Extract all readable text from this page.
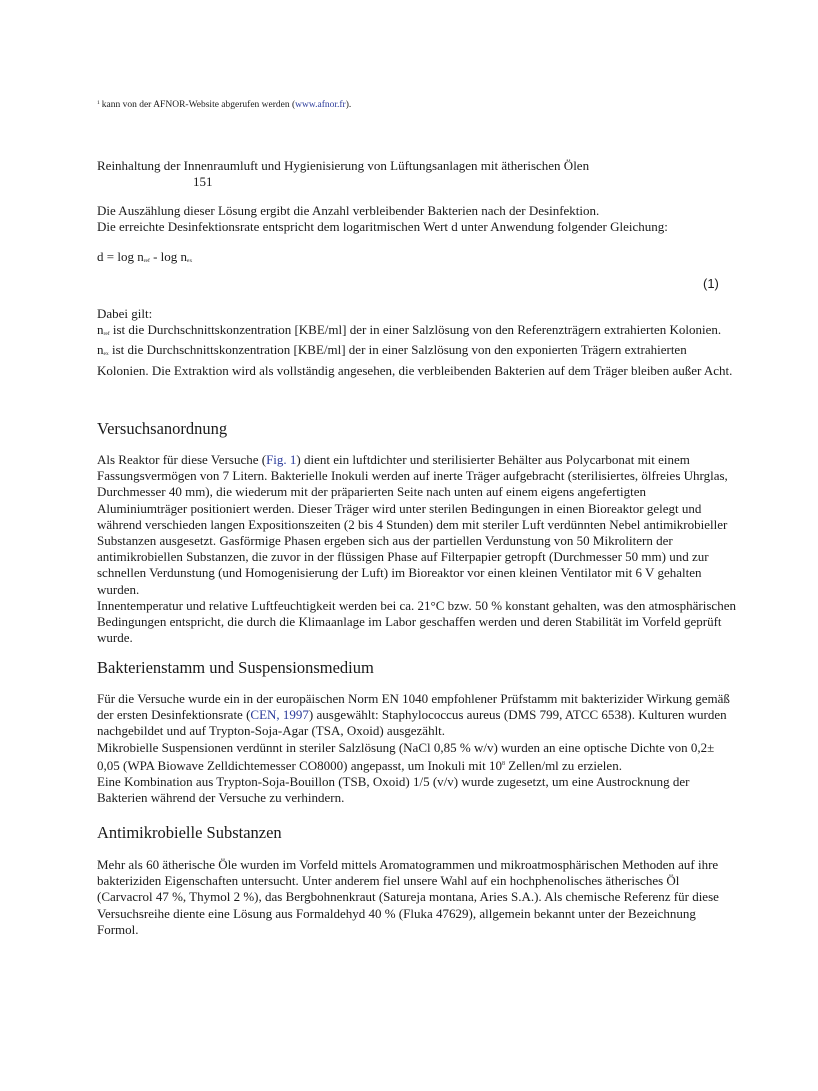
$^1$ kann von der AFNOR-Website abgerufen werden (www.afnor.fr).
Reinhaltung der Innenraumluft und Hygienisierung von Lüftungsanlagen mit ätherischen Ölen
151
Die Auszählung dieser Lösung ergibt die Anzahl verbleibender Bakterien nach der Desinfektion.
Die erreichte Desinfektionsrate entspricht dem logaritmischen Wert d unter Anwendung folgender Gleichung:
d = log nref - log nex
(1)
Dabei gilt:
nref ist die Durchschnittskonzentration [KBE/ml] der in einer Salzlösung von den Referenzträgern extrahierten Kolonien.
nex ist die Durchschnittskonzentration [KBE/ml] der in einer Salzlösung von den exponierten Trägern extrahierten Kolonien. Die Extraktion wird als vollständig angesehen, die verbleibenden Bakterien auf dem Träger bleiben außer Acht.
Versuchsanordnung
Als Reaktor für diese Versuche (Fig. 1) dient ein luftdichter und sterilisierter Behälter aus Polycarbonat mit einem Fassungsvermögen von 7 Litern. Bakterielle Inokuli werden auf inerte Träger aufgebracht (sterilisiertes, ölfreies Uhrglas, Durchmesser 40 mm), die wiederum mit der präparierten Seite nach unten auf einem eigens angefertigten Aluminiumträger positioniert werden. Dieser Träger wird unter sterilen Bedingungen in einen Bioreaktor gelegt und während verschieden langen Expositionszeiten (2 bis 4 Stunden) dem mit steriler Luft verdünnten Nebel antimikrobieller Substanzen ausgesetzt. Gasförmige Phasen ergeben sich aus der partiellen Verdunstung von 50 Mikrolitern der antimikrobiellen Substanzen, die zuvor in der flüssigen Phase auf Filterpapier getropft (Durchmesser 50 mm) und zur schnellen Verdunstung (und Homogenisierung der Luft) im Bioreaktor vor einen kleinen Ventilator mit 6 V gehalten wurden.
Innentemperatur und relative Luftfeuchtigkeit werden bei ca. 21°C bzw. 50 % konstant gehalten, was den atmosphärischen Bedingungen entspricht, die durch die Klimaanlage im Labor geschaffen werden und deren Stabilität im Vorfeld geprüft wurde.
Bakterienstamm und Suspensionsmedium
Für die Versuche wurde ein in der europäischen Norm EN 1040 empfohlener Prüfstamm mit bakterizider Wirkung gemäß der ersten Desinfektionsrate (CEN, 1997) ausgewählt: Staphylococcus aureus (DMS 799, ATCC 6538). Kulturen wurden nachgebildet und auf Trypton-Soja-Agar (TSA, Oxoid) ausgezählt.
Mikrobielle Suspensionen verdünnt in steriler Salzlösung (NaCl 0,85 % w/v) wurden an eine optische Dichte von 0,2± 0,05 (WPA Biowave Zelldichtemesser CO8000) angepasst, um Inokuli mit $10^8$ Zellen/ml zu erzielen.
Eine Kombination aus Trypton-Soja-Bouillon (TSB, Oxoid) 1/5 (v/v) wurde zugesetzt, um eine Austrocknung der Bakterien während der Versuche zu verhindern.
Antimikrobielle Substanzen
Mehr als 60 ätherische Öle wurden im Vorfeld mittels Aromatogrammen und mikroatmosphärischen Methoden auf ihre bakteriziden Eigenschaften untersucht. Unter anderem fiel unsere Wahl auf ein hochphenolisches ätherisches Öl (Carvacrol 47 %, Thymol 2 %), das Bergbohnenkraut (Satureja montana, Aries S.A.). Als chemische Referenz für diese Versuchsreihe diente eine Lösung aus Formaldehyd 40 % (Fluka 47629), allgemein bekannt unter der Bezeichnung Formol.
